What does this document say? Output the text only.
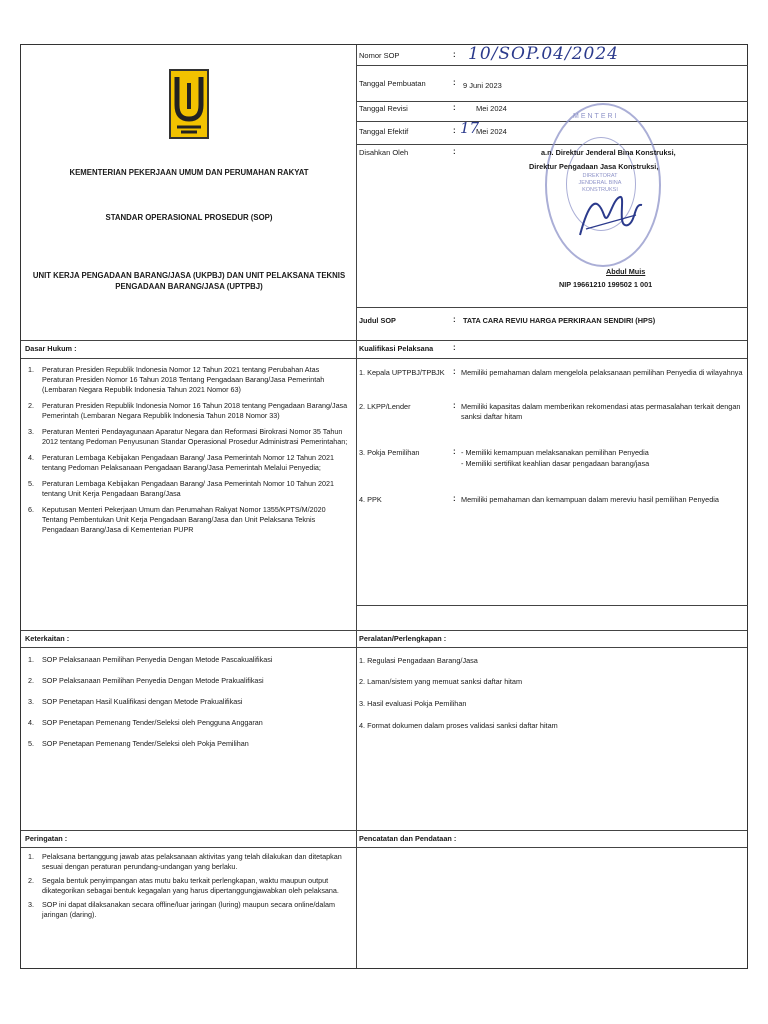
KEMENTERIAN PEKERJAAN UMUM DAN PERUMAHAN RAKYAT
STANDAR OPERASIONAL PROSEDUR (SOP)
UNIT KERJA PENGADAAN BARANG/JASA (UKPBJ) DAN UNIT PELAKSANA TEKNIS PENGADAAN BARANG/JASA (UPTPBJ)
Nomor SOP	: 10/SOP.04/2024
Tanggal Pembuatan	: 9 Juni 2023
Tanggal Revisi	:	Mei 2024
Tanggal Efektif	: 17
Mei 2024
Disahkan Oleh	:
MENTERI
DIREKTORAT JENDERAL BINA KONSTRUKSI
a.n. Direktur Jenderal Bina Konstruksi,
Direktur Pengadaan Jasa Konstruksi,
Abdul Muis
NIP 19661210 199502 1 001
Judul SOP	: TATA CARA REVIU HARGA PERKIRAAN SENDIRI (HPS)
Dasar Hukum :
1. Peraturan Presiden Republik Indonesia Nomor 12 Tahun 2021 tentang Perubahan Atas Peraturan Presiden Nomor 16 Tahun 2018 Tentang Pengadaan Barang/Jasa Pemerintah (Lembaran Negara Republik Indonesia Tahun 2021 Nomor 63)
2. Peraturan Presiden Republik Indonesia Nomor 16 Tahun 2018 tentang Pengadaan Barang/Jasa Pemerintah (Lembaran Negara Republik Indonesia Tahun 2018 Nomor 33)
3. Peraturan Menteri Pendayagunaan Aparatur Negara dan Reformasi Birokrasi Nomor 35 Tahun 2012 tentang Pedoman Penyusunan Standar Operasional Prosedur Administrasi Pemerintahan;
4. Peraturan Lembaga Kebijakan Pengadaan Barang/ Jasa Pemerintah Nomor 12 Tahun 2021 tentang Pedoman Pelaksanaan Pengadaan Barang/Jasa Pemerintah Melalui Penyedia;
5. Peraturan Lembaga Kebijakan Pengadaan Barang/ Jasa Pemerintah Nomor 10 Tahun 2021 tentang Unit Kerja Pengadaan Barang/Jasa
6. Keputusan Menteri Pekerjaan Umum dan Perumahan Rakyat Nomor 1355/KPTS/M/2020 Tentang Pembentukan Unit Kerja Pengadaan Barang/Jasa dan Unit Pelaksana Teknis Pengadaan Barang/Jasa di Kementerian PUPR
Kualifikasi Pelaksana :
1. Kepala UPTPBJ/TPBJK : Memiliki pemahaman dalam mengelola pelaksanaan pemilihan Penyedia di wilayahnya
2. LKPP/Lender	: Memiliki kapasitas dalam memberikan rekomendasi atas permasalahan terkait dengan sanksi daftar hitam
3. Pokja Pemilihan	: - Memiliki kemampuan melaksanakan pemilihan Penyedia
- Memiliki sertifikat keahlian dasar pengadaan barang/jasa
4. PPK	: Memiliki pemahaman dan kemampuan dalam mereviu hasil pemilihan Penyedia
Keterkaitan :
1. SOP Pelaksanaan Pemilihan Penyedia Dengan Metode Pascakualifikasi
2. SOP Pelaksanaan Pemilihan Penyedia Dengan Metode Prakualifikasi
3. SOP Penetapan Hasil Kualifikasi dengan Metode Prakualifikasi
4. SOP Penetapan Pemenang Tender/Seleksi oleh Pengguna Anggaran
5. SOP Penetapan Pemenang Tender/Seleksi oleh Pokja Pemilihan
Peralatan/Perlengkapan :
1. Regulasi Pengadaan Barang/Jasa
2. Laman/sistem yang memuat sanksi daftar hitam
3. Hasil evaluasi Pokja Pemilihan
4. Format dokumen dalam proses validasi sanksi daftar hitam
Peringatan :
1. Pelaksana bertanggung jawab atas pelaksanaan aktivitas yang telah dilakukan dan ditetapkan sesuai dengan peraturan perundang-undangan yang berlaku.
2. Segala bentuk penyimpangan atas mutu baku terkait perlengkapan, waktu maupun output dikategorikan sebagai bentuk kegagalan yang harus dipertanggungjawabkan oleh pelaksana.
3. SOP ini dapat dilaksanakan secara offline/luar jaringan (luring) maupun secara online/dalam jaringan (daring).
Pencatatan dan Pendataan :
